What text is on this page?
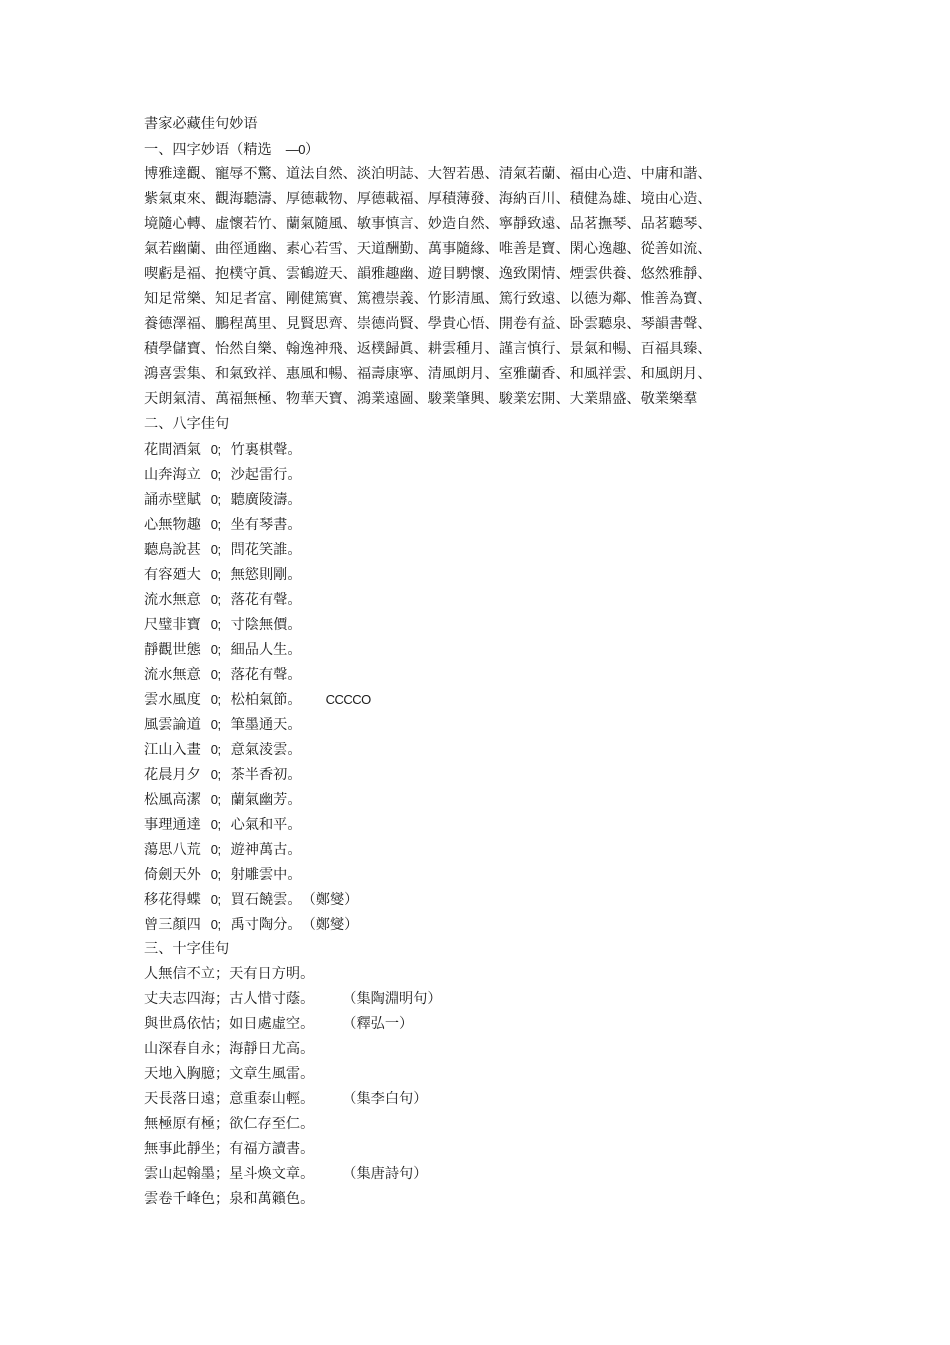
書家必藏佳句妙语
一、四字妙语（精选 —0）
博雅達觀、寵辱不驚、道法自然、淡泊明誌、大智若愚、清氣若蘭、福由心造、中庸和諧、
紫氣東來、觀海聽濤、厚德載物、厚德載福、厚積薄發、海納百川、積健為雄、境由心造、
境隨心轉、虛懷若竹、蘭氣隨風、敏事慎言、妙造自然、寧靜致遠、品茗撫琴、品茗聽琴、
氣若幽蘭、曲徑通幽、素心若雪、天道酬勤、萬事隨緣、唯善是寶、閑心逸趣、從善如流、
喫虧是福、抱樸守眞、雲鶴遊天、韻雅趣幽、遊目騁懷、逸致閑情、煙雲供養、悠然雅靜、
知足常樂、知足者富、剛健篤實、篤禮崇義、竹影清風、篤行致遠、以德为鄰、惟善為寶、
養德澤福、鵬程萬里、見賢思齊、崇德尚賢、學貴心悟、開卷有益、卧雲聽泉、琴韻書聲、
積學儲寶、怡然自樂、翰逸神飛、返樸歸眞、耕雲種月、謹言慎行、景氣和暢、百福具臻、
鴻喜雲集、和氣致祥、惠風和暢、福壽康寧、清風朗月、室雅蘭香、和風祥雲、和風朗月、
天朗氣清、萬福無極、物華天寶、鴻業遠圖、駿業肇興、駿業宏開、大業鼎盛、敬業樂羣
二、八字佳句
花間酒氣 0; 竹裏棋聲。
山奔海立 0; 沙起雷行。
誦赤壁賦 0; 聽廣陵濤。
心無物趣 0; 坐有琴書。
聽鳥說甚 0; 問花笑誰。
有容廼大 0; 無慾則剛。
流水無意 0; 落花有聲。
尺璧非寶 0; 寸陰無價。
靜觀世態 0; 細品人生。
流水無意 0; 落花有聲。
雲水風度 0; 松柏氣節。 CCCCO
風雲論道 0; 筆墨通天。
江山入畫 0; 意氣淩雲。
花晨月夕 0; 茶半香初。
松風高潔 0; 蘭氣幽芳。
事理通達 0; 心氣和平。
蕩思八荒 0; 遊神萬古。
倚劍天外 0; 射雕雲中。
移花得蝶 0; 買石饒雲。（鄭燮）
曾三顏四 0; 禹寸陶分。（鄭燮）
三、十字佳句
人無信不立；天有日方明。
丈夫志四海；古人惜寸蔭。 （集陶淵明句）
與世爲依怙；如日處虛空。 （釋弘一）
山深春自永；海靜日尤高。
天地入胸臆；文章生風雷。
天長落日遠；意重泰山輕。 （集李白句）
無極原有極；欲仁存至仁。
無事此靜坐；有福方讀書。
雲山起翰墨；星斗煥文章。 （集唐詩句）
雲卷千峰色；泉和萬籟色。
